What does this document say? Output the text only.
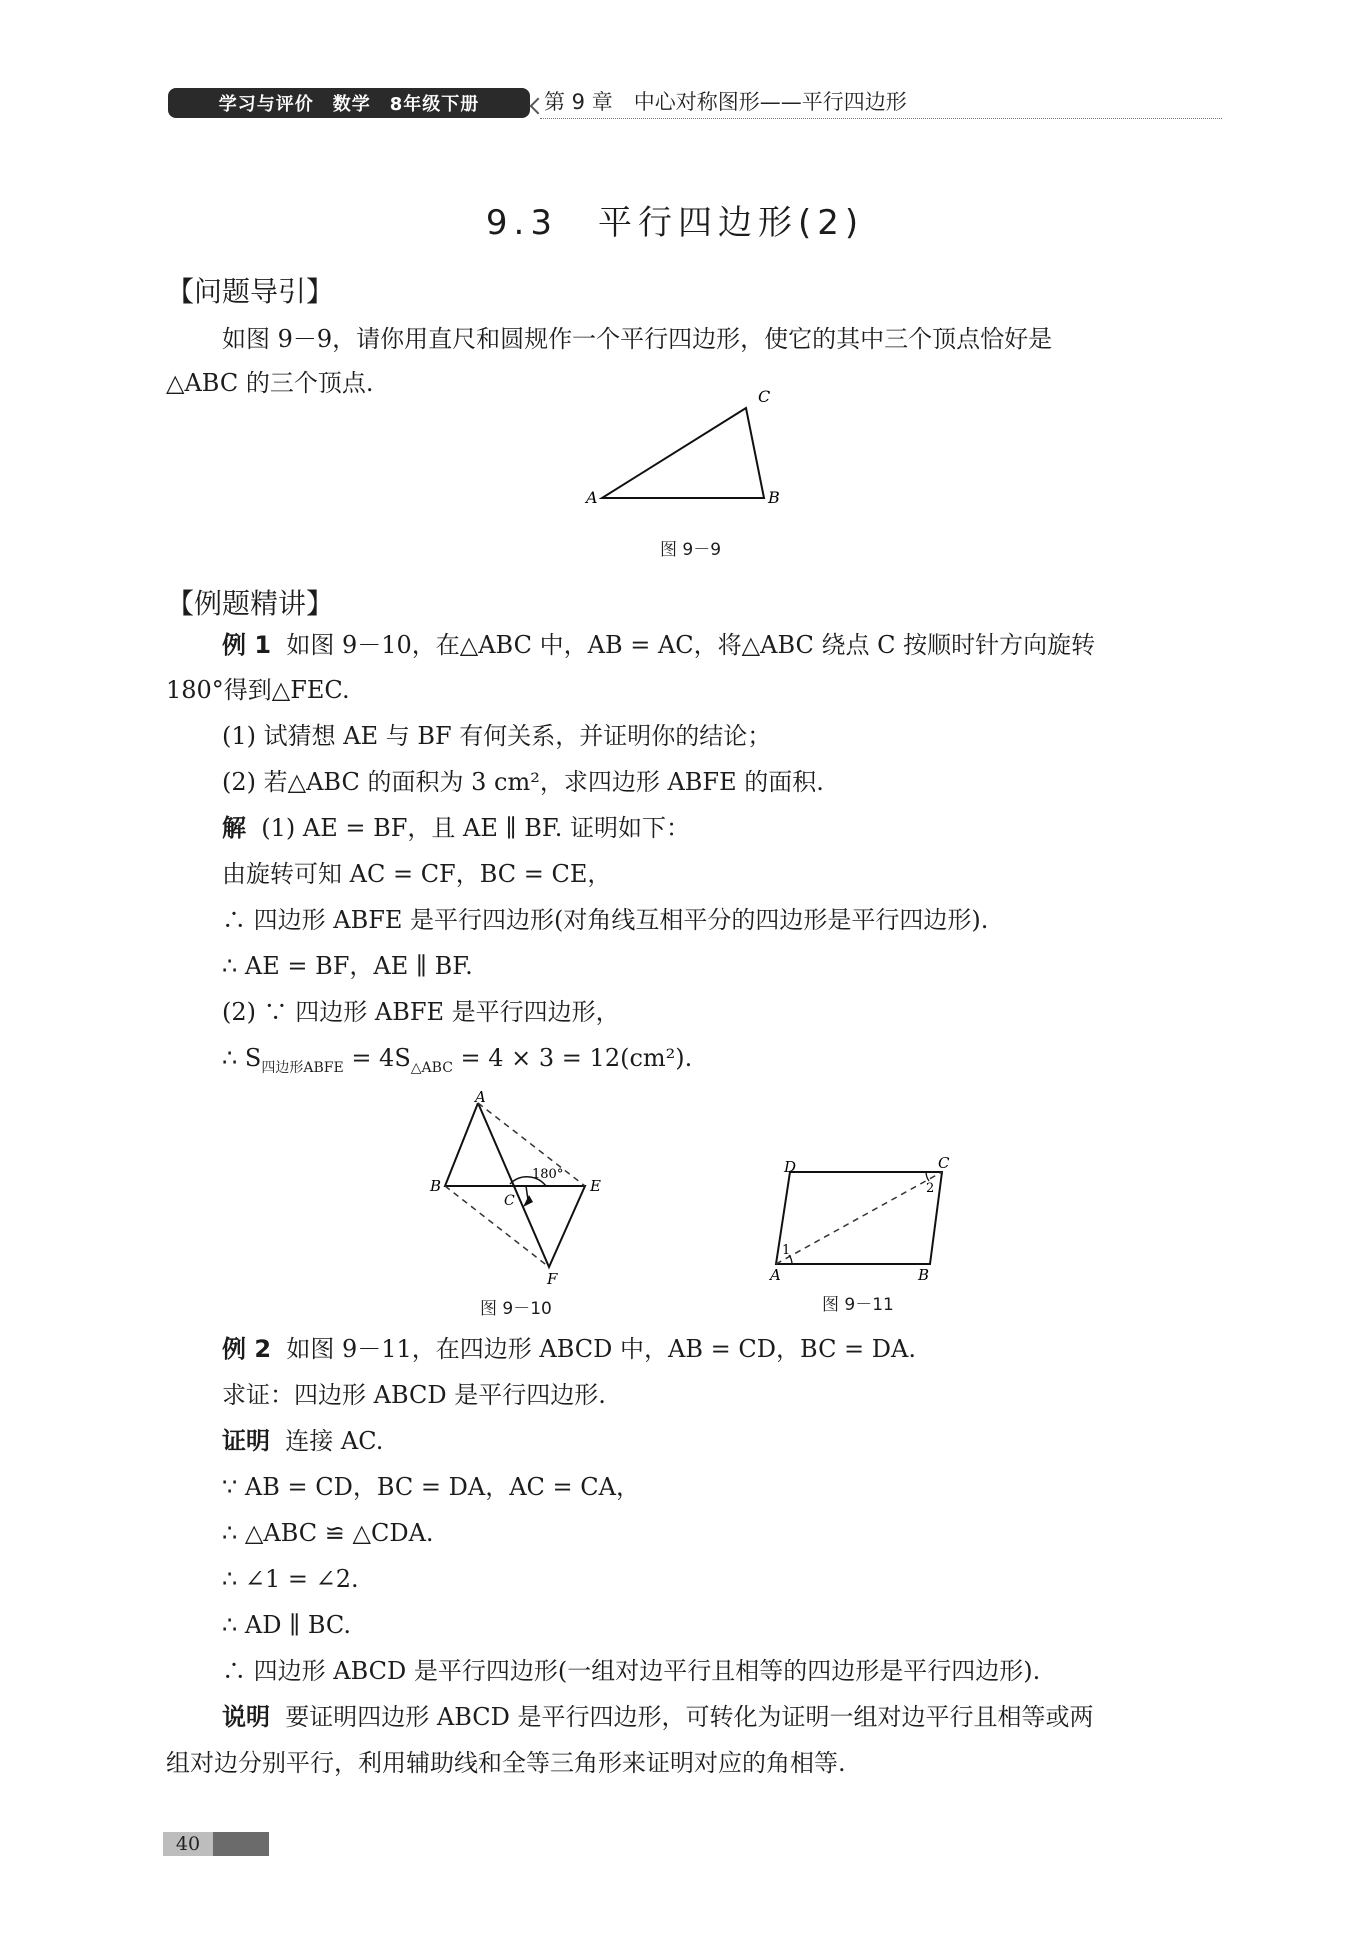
学习与评价　数学　8年级下册	第 9 章　中心对称图形——平行四边形
9.3　平行四边形(2)
【问题导引】
如图 9－9，请你用直尺和圆规作一个平行四边形，使它的其中三个顶点恰好是
△ABC 的三个顶点.
A	B
C
图 9－9
【例题精讲】
例 1 如图 9－10，在△ABC 中，AB = AC，将△ABC 绕点 C 按顺时针方向旋转
180°得到△FEC.
(1) 试猜想 AE 与 BF 有何关系，并证明你的结论；
(2) 若△ABC 的面积为 3 cm²，求四边形 ABFE 的面积.
解 (1) AE = BF，且 AE ∥ BF. 证明如下：
由旋转可知 AC = CF，BC = CE，
∴ 四边形 ABFE 是平行四边形(对角线互相平分的四边形是平行四边形).
∴ AE = BF，AE ∥ BF.
(2) ∵ 四边形 ABFE 是平行四边形，
∴ $S_{四边形ABFE} = 4S_{\triangle ABC} = 4 \times 3 = 12(cm^2)$.
A
B
C
E
F
180°
图 9－10
D	C
A	B
1
2
图 9－11
例 2 如图 9－11，在四边形 ABCD 中，AB = CD，BC = DA.
求证：四边形 ABCD 是平行四边形.
证明 连接 AC.
∵ AB = CD，BC = DA，AC = CA，
∴ △ABC ≌ △CDA.
∴ ∠1 = ∠2.
∴ AD ∥ BC.
∴ 四边形 ABCD 是平行四边形(一组对边平行且相等的四边形是平行四边形).
说明 要证明四边形 ABCD 是平行四边形，可转化为证明一组对边平行且相等或两
组对边分别平行，利用辅助线和全等三角形来证明对应的角相等.
40
